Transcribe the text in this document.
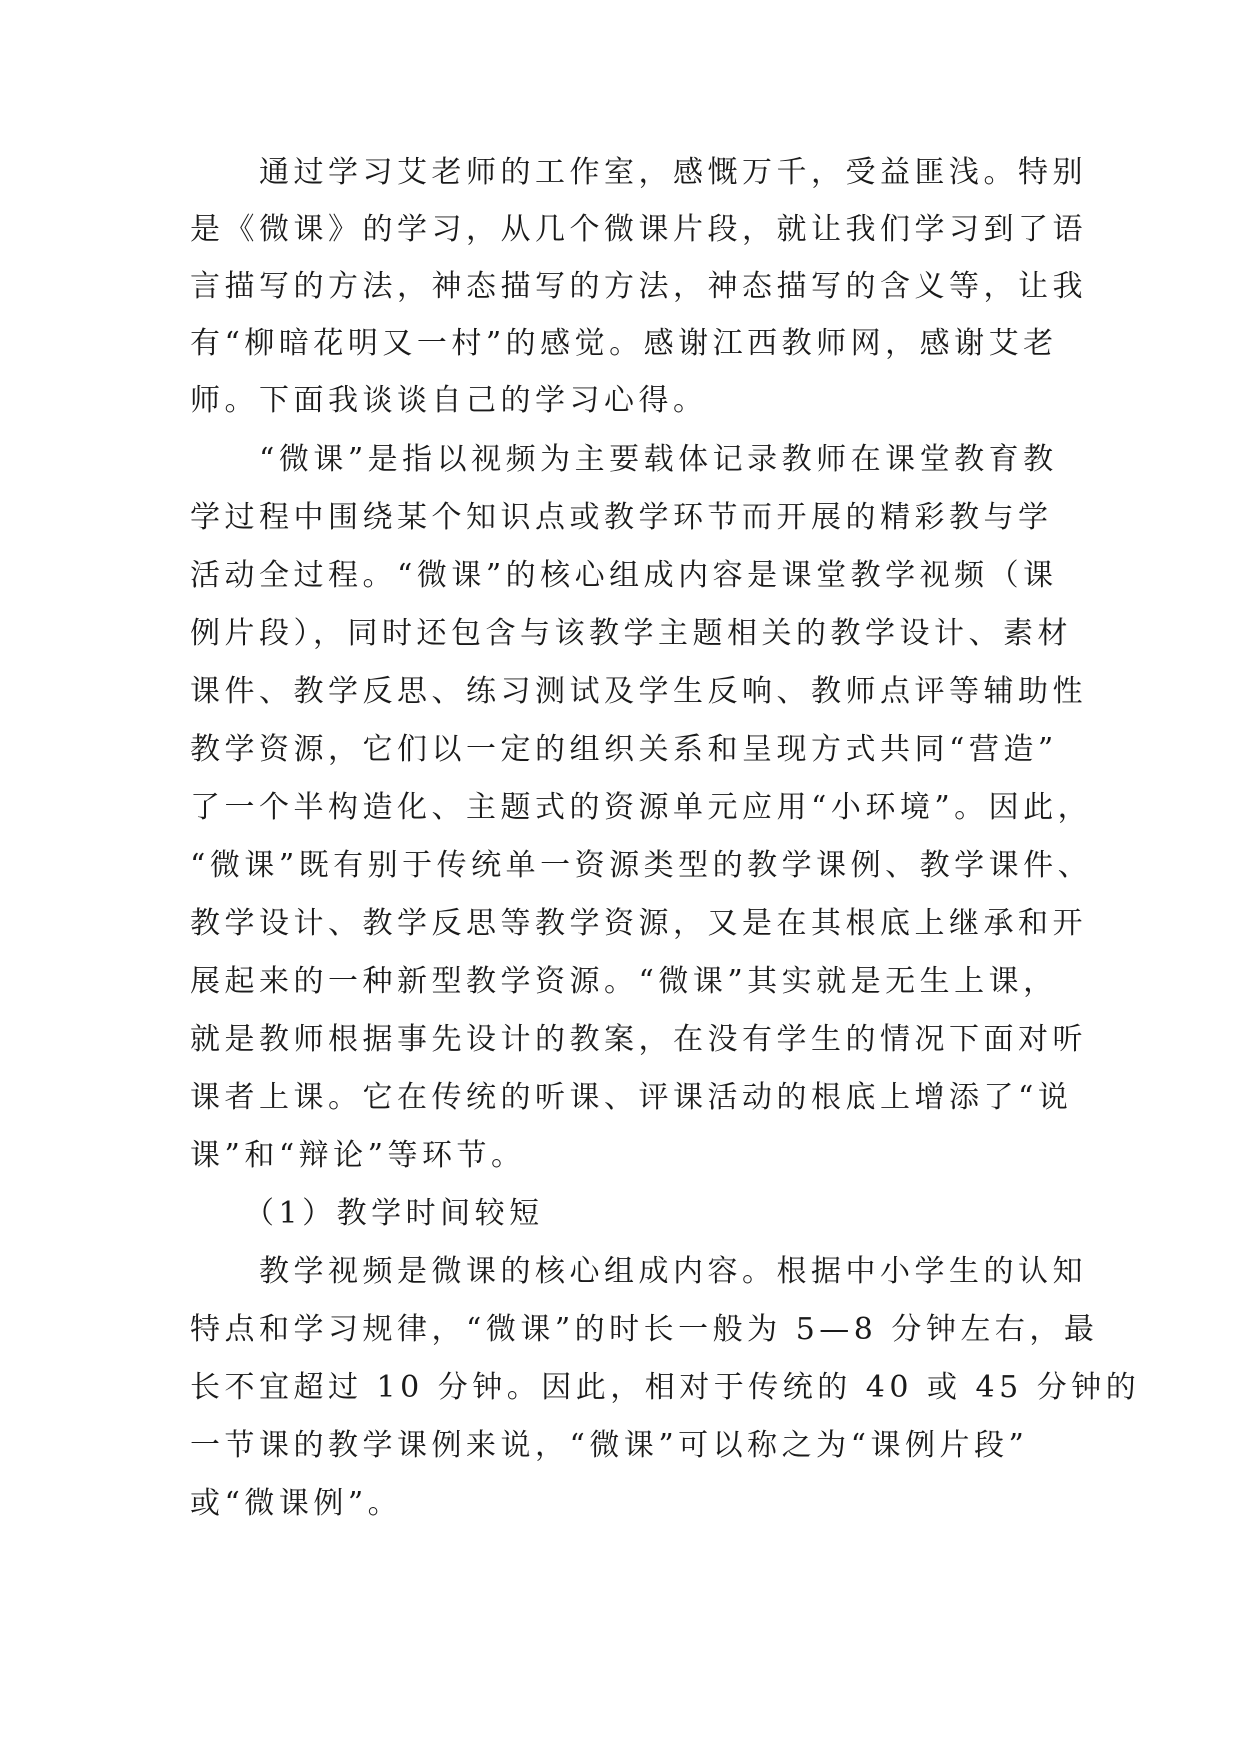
　　通过学习艾老师的工作室，感慨万千，受益匪浅。特别

是《微课》的学习，从几个微课片段，就让我们学习到了语

言描写的方法，神态描写的方法，神态描写的含义等，让我

有“柳暗花明又一村”的感觉。感谢江西教师网，感谢艾老

师。下面我谈谈自己的学习心得。

　　“微课”是指以视频为主要载体记录教师在课堂教育教

学过程中围绕某个知识点或教学环节而开展的精彩教与学

活动全过程。“微课”的核心组成内容是课堂教学视频（课

例片段），同时还包含与该教学主题相关的教学设计、素材

课件、教学反思、练习测试及学生反响、教师点评等辅助性

教学资源，它们以一定的组织关系和呈现方式共同“营造”

了一个半构造化、主题式的资源单元应用“小环境”。因此，

“微课”既有别于传统单一资源类型的教学课例、教学课件、

教学设计、教学反思等教学资源，又是在其根底上继承和开

展起来的一种新型教学资源。“微课”其实就是无生上课，

就是教师根据事先设计的教案，在没有学生的情况下面对听

课者上课。它在传统的听课、评课活动的根底上增添了“说

课”和“辩论”等环节。

　　（1）教学时间较短

　　教学视频是微课的核心组成内容。根据中小学生的认知

特点和学习规律，“微课”的时长一般为 5—8 分钟左右，最

长不宜超过 10 分钟。因此，相对于传统的 40 或 45 分钟的

一节课的教学课例来说，“微课”可以称之为“课例片段”

或“微课例”。
